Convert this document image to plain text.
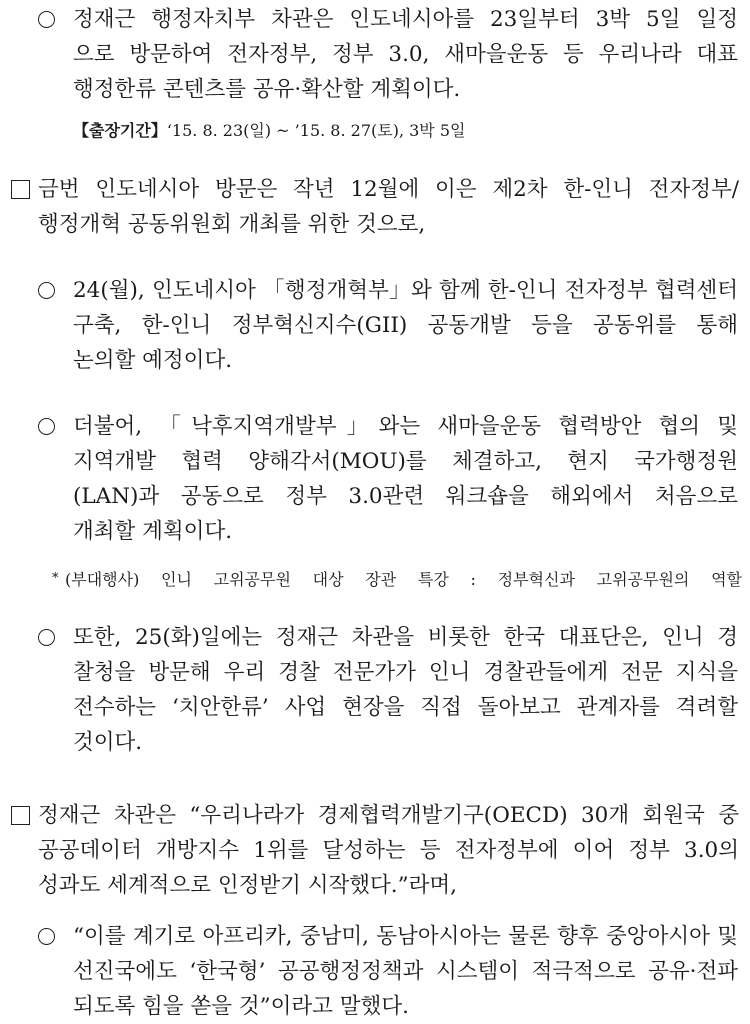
정재근 행정자치부 차관은 인도네시아를 23일부터 3박 5일 일정
으로 방문하여 전자정부, 정부 3.0, 새마을운동 등 우리나라 대표
행정한류 콘텐츠를 공유·확산할 계획이다.
【출장기간】‘15. 8. 23(일) ~ ’15. 8. 27(토), 3박 5일
금번 인도네시아 방문은 작년 12월에 이은 제2차 한-인니 전자정부/
행정개혁 공동위원회 개최를 위한 것으로,
24(월), 인도네시아 「행정개혁부」와 함께 한-인니 전자정부 협력센터
구축, 한-인니 정부혁신지수(GII) 공동개발 등을 공동위를 통해
논의할 예정이다.
더불어, 「낙후지역개발부」와는 새마을운동 협력방안 협의 및
지역개발 협력 양해각서(MOU)를 체결하고, 현지 국가행정원
(LAN)과 공동으로 정부 3.0관련 워크숍을 해외에서 처음으로
개최할 계획이다.
* (부대행사) 인니 고위공무원 대상 장관 특강 : 정부혁신과 고위공무원의 역할
또한, 25(화)일에는 정재근 차관을 비롯한 한국 대표단은, 인니 경
찰청을 방문해 우리 경찰 전문가가 인니 경찰관들에게 전문 지식을
전수하는 ‘치안한류’ 사업 현장을 직접 돌아보고 관계자를 격려할
것이다.
정재근 차관은 “우리나라가 경제협력개발기구(OECD) 30개 회원국 중
공공데이터 개방지수 1위를 달성하는 등 전자정부에 이어 정부 3.0의
성과도 세계적으로 인정받기 시작했다.”라며,
“이를 계기로 아프리카, 중남미, 동남아시아는 물론 향후 중앙아시아 및
선진국에도 ‘한국형’ 공공행정정책과 시스템이 적극적으로 공유·전파
되도록 힘을 쏟을 것”이라고 말했다.
